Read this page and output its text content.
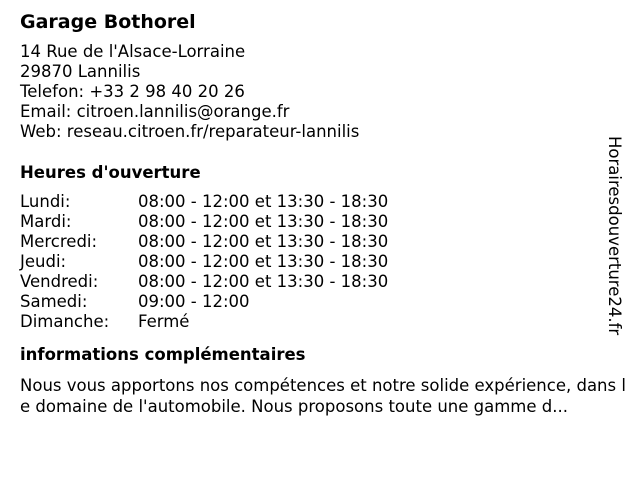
Garage Bothorel
14 Rue de l'Alsace-Lorraine
29870 Lannilis
Telefon: +33 2 98 40 20 26
Email: citroen.lannilis@orange.fr
Web: reseau.citroen.fr/reparateur-lannilis
Heures d'ouverture
Lundi:	08:00 - 12:00 et 13:30 - 18:30
Mardi:	08:00 - 12:00 et 13:30 - 18:30
Mercredi:	08:00 - 12:00 et 13:30 - 18:30
Jeudi:	08:00 - 12:00 et 13:30 - 18:30
Vendredi:	08:00 - 12:00 et 13:30 - 18:30
Samedi:	09:00 - 12:00
Dimanche:	Fermé
informations complémentaires
Nous vous apportons nos compétences et notre solide expérience, dans le domaine de l'automobile. Nous proposons toute une gamme d...
Horairesdouverture24.fr
